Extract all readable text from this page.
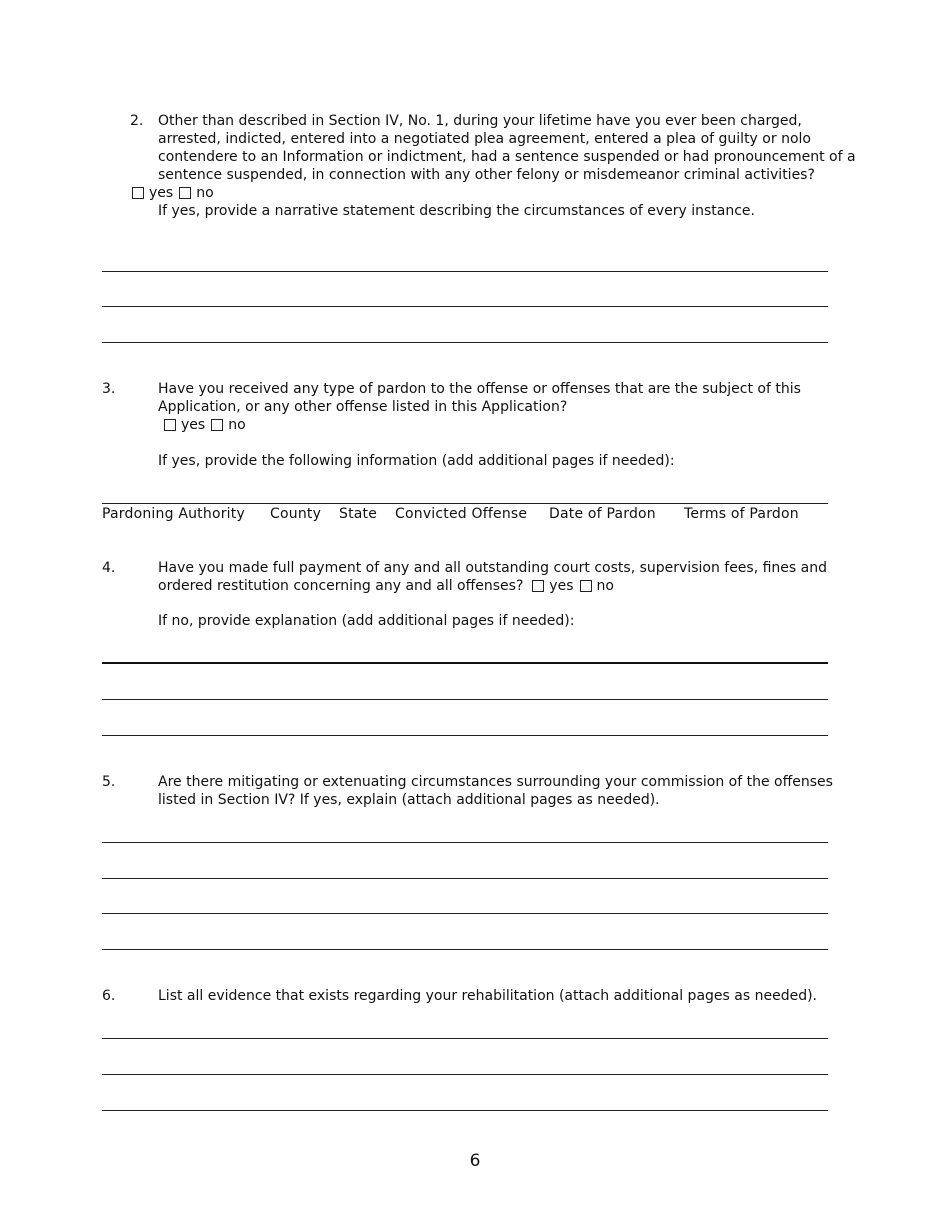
2. Other than described in Section IV, No. 1, during your lifetime have you ever been charged,
arrested, indicted, entered into a negotiated plea agreement, entered a plea of guilty or nolo
contendere to an Information or indictment, had a sentence suspended or had pronouncement of a
sentence suspended, in connection with any other felony or misdemeanor criminal activities?
yes no
If yes, provide a narrative statement describing the circumstances of every instance.
3.	Have you received any type of pardon to the offense or offenses that are the subject of this
Application, or any other offense listed in this Application?
yes no
If yes, provide the following information (add additional pages if needed):
Pardoning Authority County State Convicted Offense Date of Pardon Terms of Pardon
4.	Have you made full payment of any and all outstanding court costs, supervision fees, fines and
ordered restitution concerning any and all offenses? yes no
If no, provide explanation (add additional pages if needed):
5.	Are there mitigating or extenuating circumstances surrounding your commission of the offenses
listed in Section IV? If yes, explain (attach additional pages as needed).
6.	List all evidence that exists regarding your rehabilitation (attach additional pages as needed).
6
